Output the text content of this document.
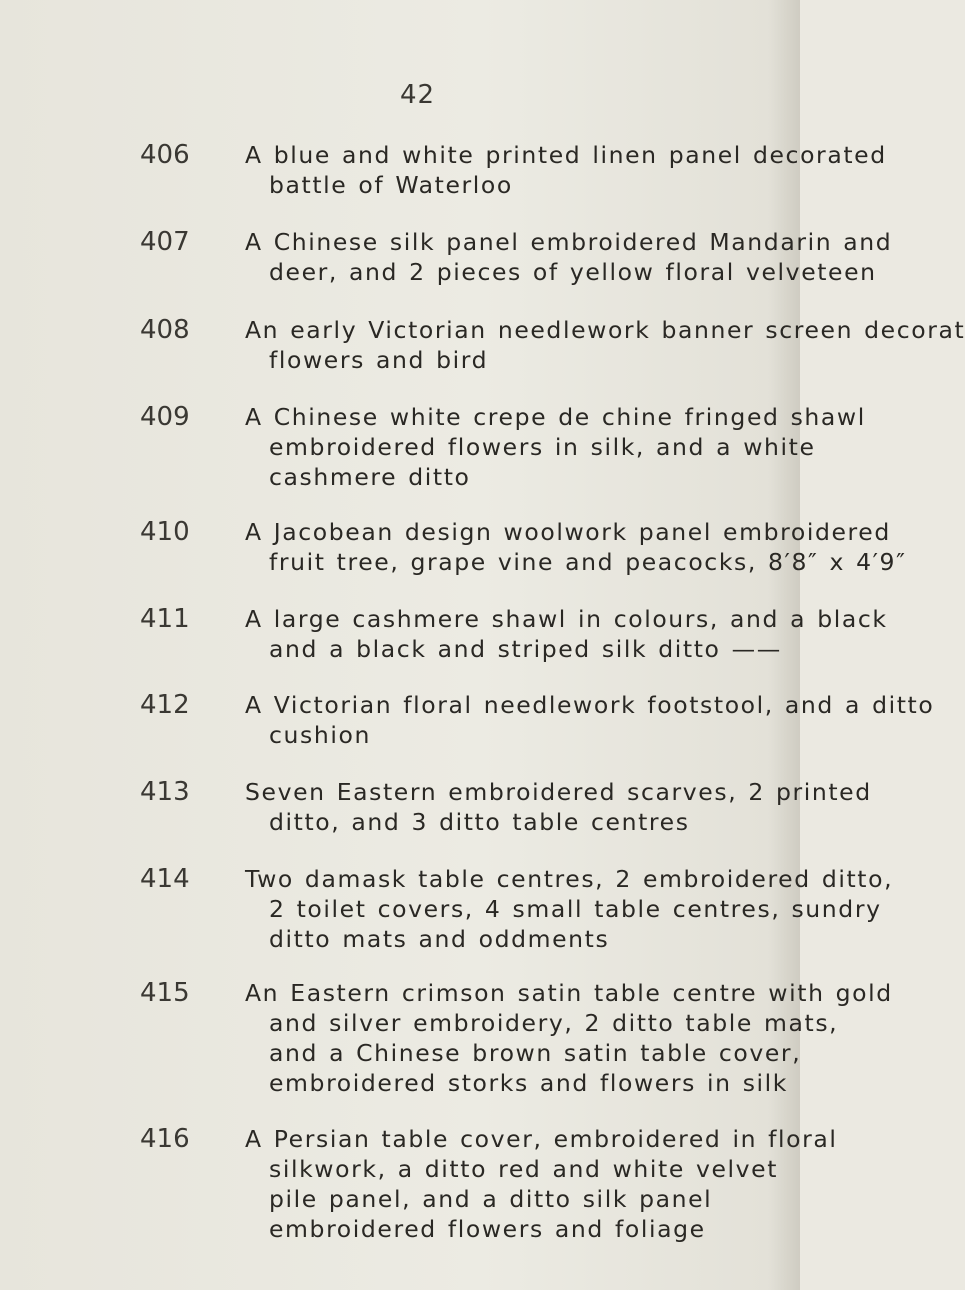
42
406 A blue and white printed linen panel decorated
battle of Waterloo
407 A Chinese silk panel embroidered Mandarin and
deer, and 2 pieces of yellow floral velveteen
408 An early Victorian needlework banner screen decorat
flowers and bird
409 A Chinese white crepe de chine fringed shawl
embroidered flowers in silk, and a white
cashmere ditto
410 A Jacobean design woolwork panel embroidered
fruit tree, grape vine and peacocks, 8′8″ x 4′9″
411 A large cashmere shawl in colours, and a black
and a black and striped silk ditto ——
412 A Victorian floral needlework footstool, and a ditto
cushion
413 Seven Eastern embroidered scarves, 2 printed
ditto, and 3 ditto table centres
414 Two damask table centres, 2 embroidered ditto,
2 toilet covers, 4 small table centres, sundry
ditto mats and oddments
415 An Eastern crimson satin table centre with gold
and silver embroidery, 2 ditto table mats,
and a Chinese brown satin table cover,
embroidered storks and flowers in silk
416 A Persian table cover, embroidered in floral
silkwork, a ditto red and white velvet
pile panel, and a ditto silk panel
embroidered flowers and foliage
